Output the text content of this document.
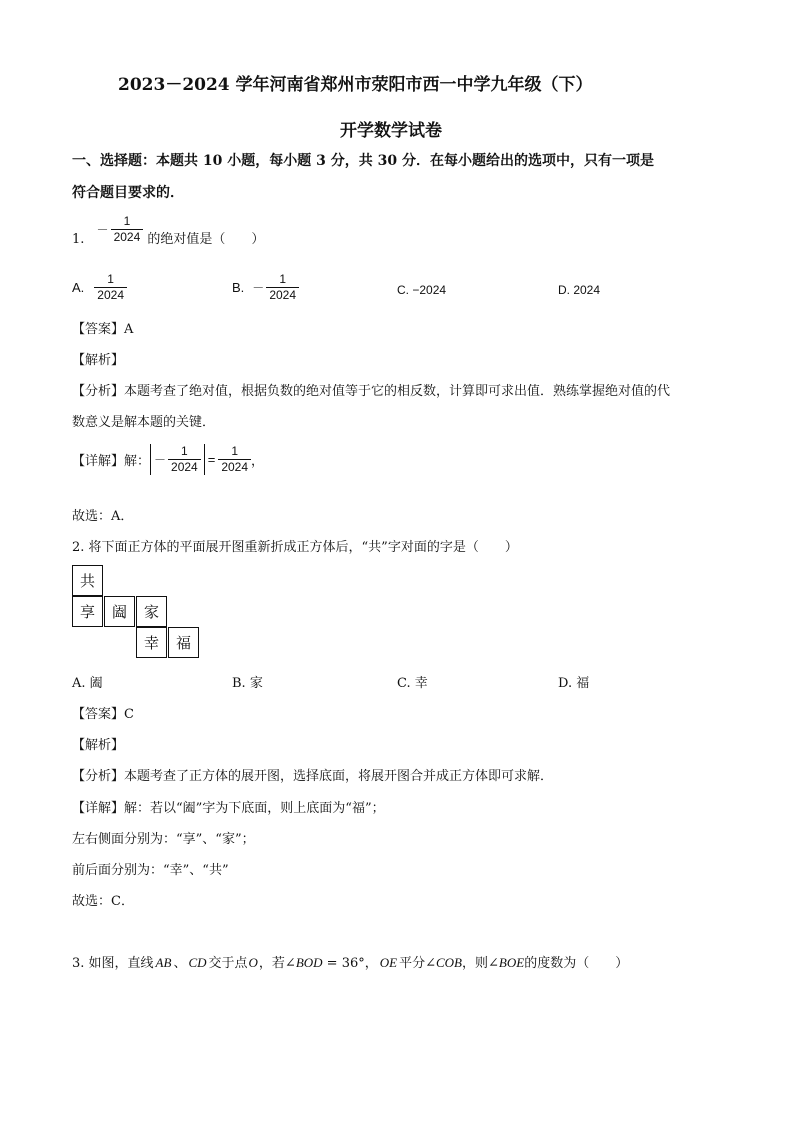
2023－2024 学年河南省郑州市荥阳市西一中学九年级（下）
开学数学试卷
一、选择题：本题共 10 小题，每小题 3 分，共 30 分．在每小题给出的选项中，只有一项是
符合题目要求的．
1. － $\frac{1}{2024}$ 的绝对值是（　　）
A. $\frac{1}{2024}$	B. － $\frac{1}{2024}$	C. −2024	D. 2024
【答案】A
【解析】
【分析】本题考查了绝对值，根据负数的绝对值等于它的相反数，计算即可求出值．熟练掌握绝对值的代
数意义是解本题的关键．
【详解】解： － $\frac{1}{2024} = \frac{1}{2024}$ ，
故选：A．
2. 将下面正方体的平面展开图重新折成正方体后，“共”字对面的字是（　　）
共
享	阖	家
幸	福
A. 阖	B. 家	C. 幸	D. 福
【答案】C
【解析】
【分析】本题考查了正方体的展开图，选择底面，将展开图合并成正方体即可求解．
【详解】解：若以“阖”字为下底面，则上底面为“福”；
左右侧面分别为：“享”、“家”；
前后面分别为：“幸”、“共”
故选：C．
3. 如图，直线 AB 、 CD 交于点O，若∠BOD = 36°， OE 平分∠COB，则∠BOE的度数为（　　）
